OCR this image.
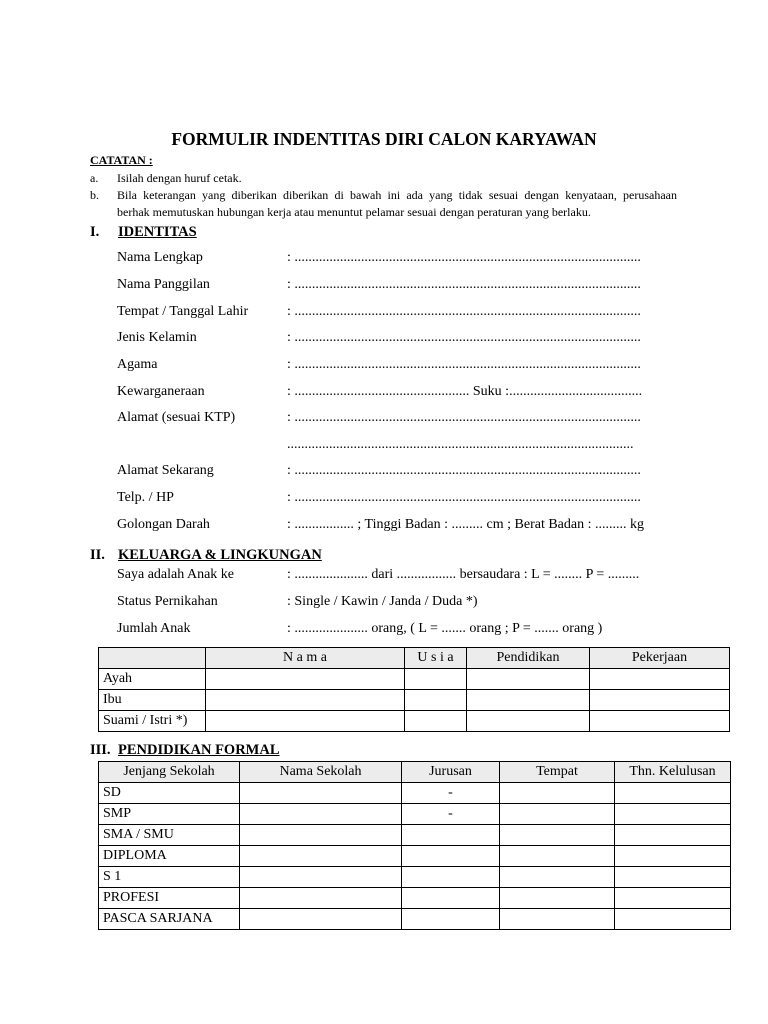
FORMULIR INDENTITAS DIRI CALON KARYAWAN
CATATAN :
a. Isilah dengan huruf cetak.
b. Bila keterangan yang diberikan diberikan di bawah ini ada yang tidak sesuai dengan kenyataan, perusahaan
berhak memutuskan hubungan kerja atau menuntut pelamar sesuai dengan peraturan yang berlaku.
I. IDENTITAS
Nama Lengkap	: ...................................................................................................
Nama Panggilan	: ...................................................................................................
Tempat / Tanggal Lahir	: ...................................................................................................
Jenis Kelamin	: ...................................................................................................
Agama	: ...................................................................................................
Kewarganeraan	: .................................................. Suku :......................................
Alamat (sesuai KTP)	: ...................................................................................................
...................................................................................................
Alamat Sekarang	: ...................................................................................................
Telp. / HP	: ...................................................................................................
Golongan Darah	: ................. ; Tinggi Badan : ......... cm ; Berat Badan : ......... kg
II. KELUARGA & LINGKUNGAN
Saya adalah Anak ke	: ..................... dari ................. bersaudara : L = ........ P = .........
Status Pernikahan	: Single / Kawin / Janda / Duda *)
Jumlah Anak	: ..................... orang, ( L = ....... orang ; P = ....... orang )
	N a m a	U s i a	Pendidikan	Pekerjaan
Ayah				
Ibu				
Suami / Istri *)				
III. PENDIDIKAN FORMAL
Jenjang Sekolah	Nama Sekolah	Jurusan	Tempat	Thn. Kelulusan
SD		-		
SMP		-		
SMA / SMU				
DIPLOMA				
S 1				
PROFESI				
PASCA SARJANA				
